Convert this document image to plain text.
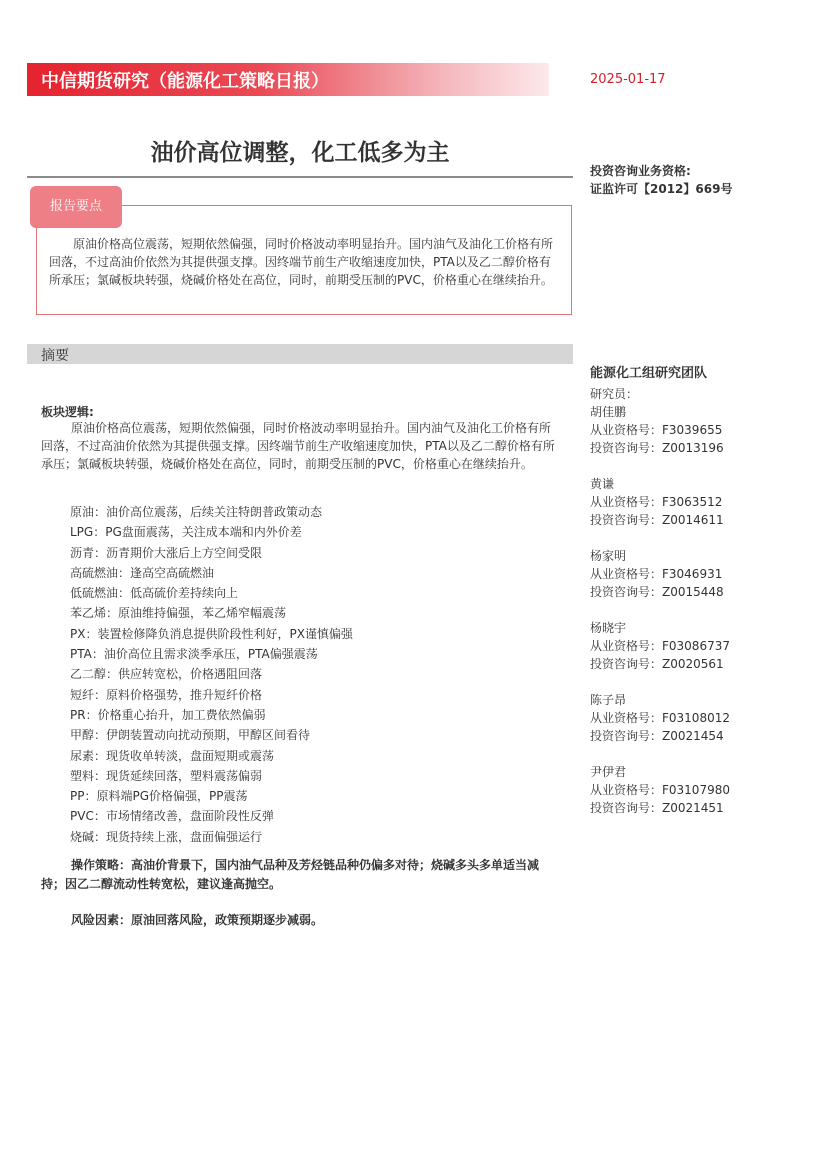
中信期货研究（能源化工策略日报）	2025-01-17
油价高位调整，化工低多为主
投资咨询业务资格:
证监许可【2012】669号
报告要点
原油价格高位震荡，短期依然偏强，同时价格波动率明显抬升。国内油气及油化工价格有所回落，不过高油价依然为其提供强支撑。因终端节前生产收缩速度加快，PTA以及乙二醇价格有所承压；氯碱板块转强，烧碱价格处在高位，同时，前期受压制的PVC，价格重心在继续抬升。
摘要
能源化工组研究团队
研究员：
胡佳鹏
从业资格号：F3039655
投资咨询号：Z0013196
黄谦
从业资格号：F3063512
投资咨询号：Z0014611
杨家明
从业资格号：F3046931
投资咨询号：Z0015448
杨晓宇
从业资格号：F03086737
投资咨询号：Z0020561
陈子昂
从业资格号：F03108012
投资咨询号：Z0021454
尹伊君
从业资格号：F03107980
投资咨询号：Z0021451
板块逻辑:
原油价格高位震荡，短期依然偏强，同时价格波动率明显抬升。国内油气及油化工价格有所回落，不过高油价依然为其提供强支撑。因终端节前生产收缩速度加快，PTA以及乙二醇价格有所承压；氯碱板块转强，烧碱价格处在高位，同时，前期受压制的PVC，价格重心在继续抬升。
原油：油价高位震荡，后续关注特朗普政策动态
LPG：PG盘面震荡，关注成本端和内外价差
沥青：沥青期价大涨后上方空间受限
高硫燃油：逢高空高硫燃油
低硫燃油：低高硫价差持续向上
苯乙烯：原油维持偏强，苯乙烯窄幅震荡
PX：装置检修降负消息提供阶段性利好，PX谨慎偏强
PTA：油价高位且需求淡季承压，PTA偏强震荡
乙二醇：供应转宽松，价格遇阻回落
短纤：原料价格强势，推升短纤价格
PR：价格重心抬升，加工费依然偏弱
甲醇：伊朗装置动向扰动预期，甲醇区间看待
尿素：现货收单转淡，盘面短期或震荡
塑料：现货延续回落，塑料震荡偏弱
PP：原料端PG价格偏强，PP震荡
PVC：市场情绪改善，盘面阶段性反弹
烧碱：现货持续上涨，盘面偏强运行
操作策略：高油价背景下，国内油气品种及芳烃链品种仍偏多对待；烧碱多头多单适当减持；因乙二醇流动性转宽松，建议逢高抛空。
风险因素：原油回落风险，政策预期逐步减弱。
